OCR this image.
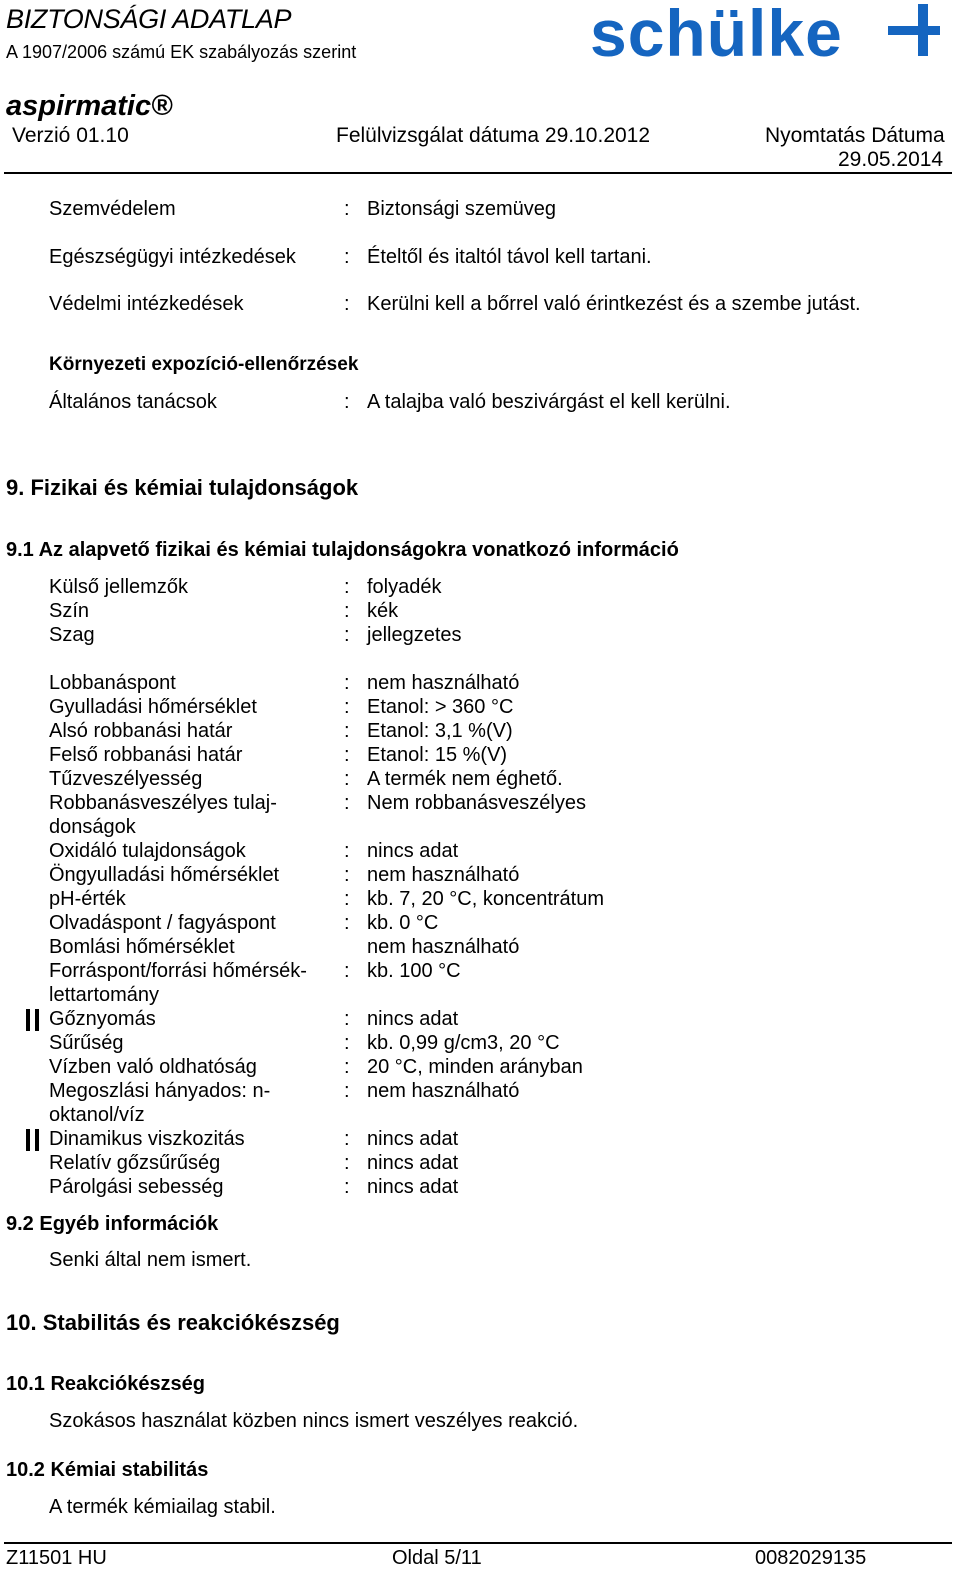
BIZTONSÁGI ADATLAP
A 1907/2006 számú EK szabályozás szerint	schülke
aspirmatic®
Verzió 01.10	Felülvizsgálat dátuma 29.10.2012	Nyomtatás Dátuma
29.05.2014
Szemvédelem	: Biztonsági szemüveg
Egészségügyi intézkedések : Ételtől és italtól távol kell tartani.
Védelmi intézkedések	: Kerülni kell a bőrrel való érintkezést és a szembe jutást.
Környezeti expozíció-ellenőrzések
Általános tanácsok	: A talajba való beszivárgást el kell kerülni.
9. Fizikai és kémiai tulajdonságok
9.1 Az alapvető fizikai és kémiai tulajdonságokra vonatkozó információ
Külső jellemzők	: folyadék
Szín	: kék
Szag	: jellegzetes
Lobbanáspont	: nem használható
Gyulladási hőmérséklet	: Etanol: > 360 °C
Alsó robbanási határ	: Etanol: 3,1 %(V)
Felső robbanási határ	: Etanol: 15 %(V)
Tűzveszélyesség	: A termék nem éghető.
Robbanásveszélyes tulaj-
donságok
: Nem robbanásveszélyes
Oxidáló tulajdonságok	: nincs adat
Öngyulladási hőmérséklet	: nem használható
pH-érték	: kb. 7, 20 °C, koncentrátum
Olvadáspont / fagyáspont	: kb. 0 °C
Bomlási hőmérséklet	nem használható
Forráspont/forrási hőmérsék-
lettartomány
: kb. 100 °C
Gőznyomás	: nincs adat
Sűrűség	: kb. 0,99 g/cm3, 20 °C
Vízben való oldhatóság	: 20 °C, minden arányban
Megoszlási hányados: n-
oktanol/víz
: nem használható
Dinamikus viszkozitás	: nincs adat
Relatív gőzsűrűség	: nincs adat
Párolgási sebesség	: nincs adat
9.2 Egyéb információk
Senki által nem ismert.
10. Stabilitás és reakciókészség
10.1 Reakciókészség
Szokásos használat közben nincs ismert veszélyes reakció.
10.2 Kémiai stabilitás
A termék kémiailag stabil.
Z11501 HU	Oldal 5/11	0082029135
